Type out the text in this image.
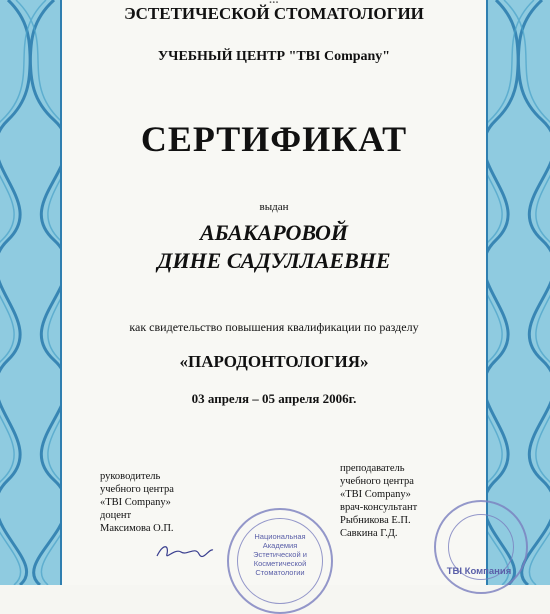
...
ЭСТЕТИЧЕСКОЙ СТОМАТОЛОГИИ
УЧЕБНЫЙ ЦЕНТР "TBI Company"
СЕРТИФИКАТ
выдан
АБАКАРОВОЙ
ДИНЕ САДУЛЛАЕВНЕ
как свидетельство повышения квалификации по разделу
«ПАРОДОНТОЛОГИЯ»
03 апреля – 05 апреля 2006г.
руководитель
учебного центра
«TBI Company»
доцент
Максимова О.П.
преподаватель
учебного центра
«TBI Company»
врач-консультант
Рыбникова Е.П.
Савкина Г.Д.
Национальная
Академия
Эстетической и
Косметической
Стоматологии	TBI Компания
